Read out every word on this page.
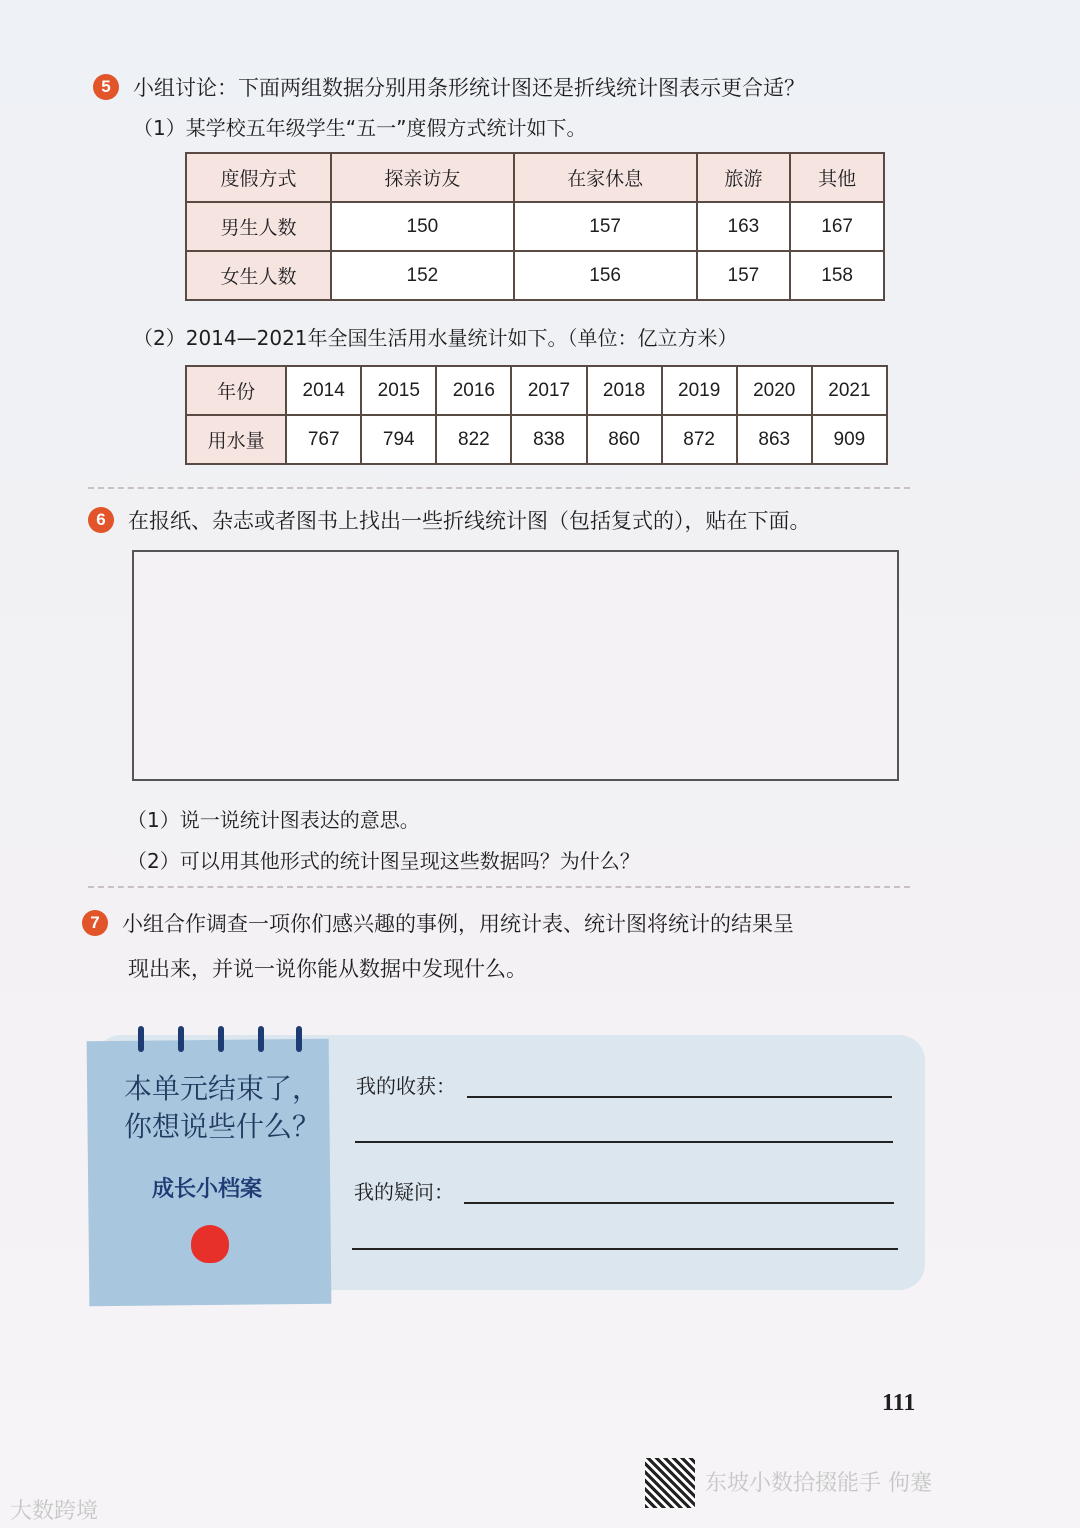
5	小组讨论：下面两组数据分别用条形统计图还是折线统计图表示更合适？
（1）某学校五年级学生“五一”度假方式统计如下。
度假方式	探亲访友	在家休息	旅游	其他
男生人数	150	157	163	167
女生人数	152	156	157	158
（2）2014—2021年全国生活用水量统计如下。（单位：亿立方米）
年份	2014	2015	2016	2017	2018	2019	2020	2021
用水量	767	794	822	838	860	872	863	909
6	在报纸、杂志或者图书上找出一些折线统计图（包括复式的），贴在下面。
（1）说一说统计图表达的意思。
（2）可以用其他形式的统计图呈现这些数据吗？为什么？
7	小组合作调查一项你们感兴趣的事例，用统计表、统计图将统计的结果呈
现出来，并说一说你能从数据中发现什么。
本单元结束了，
你想说些什么？
成长小档案
我的收获：
我的疑问：
111
大数跨境
东坡小数拾掇能手 佝蹇
